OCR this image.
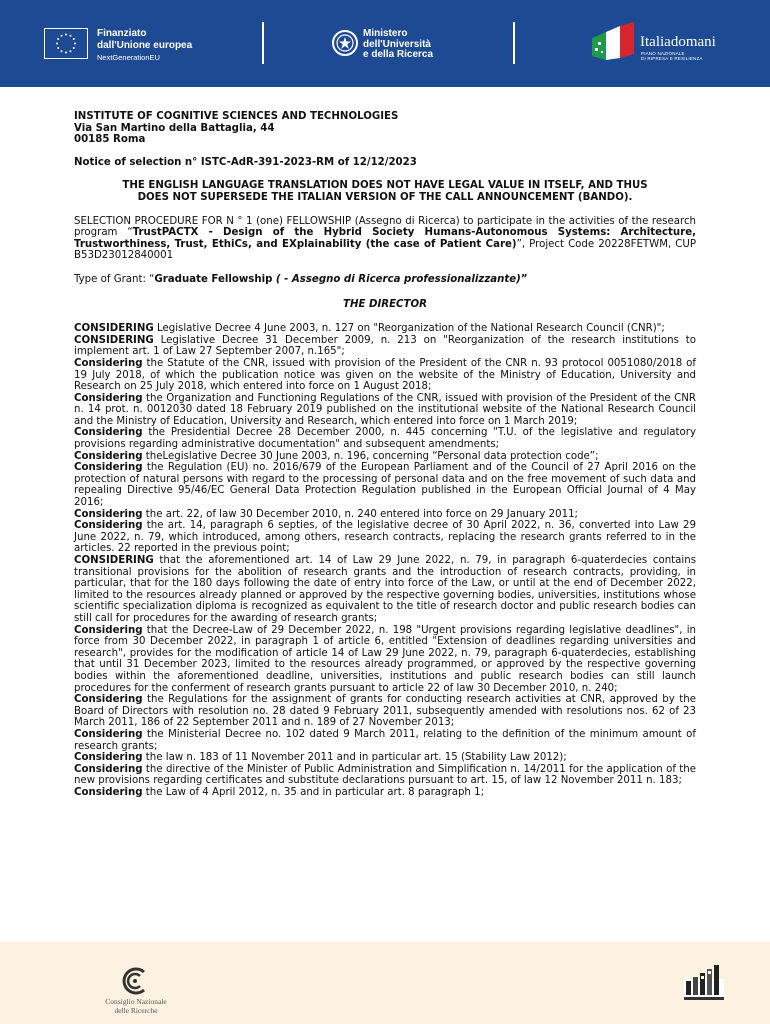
Finanziato
dall'Unione europea
NextGenerationEU
Ministero
dell'Università
e della Ricerca
Italiadomani
PIANO NAZIONALE
DI RIPRESA E RESILIENZA

INSTITUTE OF COGNITIVE SCIENCES AND TECHNOLOGIES

Via San Martino della Battaglia, 44

00185 Roma

Notice of selection n° ISTC-AdR-391-2023-RM of 12/12/2023

THE ENGLISH LANGUAGE TRANSLATION DOES NOT HAVE LEGAL VALUE IN ITSELF, AND THUS
DOES NOT SUPERSEDE THE ITALIAN VERSION OF THE CALL ANNOUNCEMENT (BANDO).

SELECTION PROCEDURE FOR N ° 1 (one) FELLOWSHIP (Assegno di Ricerca) to participate in the activities of the research program “TrustPACTX - Design of the Hybrid Society Humans-Autonomous Systems: Architecture, Trustworthiness, Trust, EthiCs, and EXplainability (the case of Patient Care)”, Project Code 20228FETWM, CUP B53D23012840001

Type of Grant: “Graduate Fellowship ( - Assegno di Ricerca professionalizzante)”

THE DIRECTOR

CONSIDERING Legislative Decree 4 June 2003, n. 127 on "Reorganization of the National Research Council (CNR)";

CONSIDERING Legislative Decree 31 December 2009, n. 213 on "Reorganization of the research institutions to implement art. 1 of Law 27 September 2007, n.165";

Considering the Statute of the CNR, issued with provision of the President of the CNR n. 93 protocol 0051080/2018 of 19 July 2018, of which the publication notice was given on the website of the Ministry of Education, University and Research on 25 July 2018, which entered into force on 1 August 2018;

Considering the Organization and Functioning Regulations of the CNR, issued with provision of the President of the CNR n. 14 prot. n. 0012030 dated 18 February 2019 published on the institutional website of the National Research Council and the Ministry of Education, University and Research, which entered into force on 1 March 2019;

Considering the Presidential Decree 28 December 2000, n. 445 concerning "T.U. of the legislative and regulatory provisions regarding administrative documentation" and subsequent amendments;

Considering theLegislative Decree 30 June 2003, n. 196, concerning “Personal data protection code”;

Considering the Regulation (EU) no. 2016/679 of the European Parliament and of the Council of 27 April 2016 on the protection of natural persons with regard to the processing of personal data and on the free movement of such data and repealing Directive 95/46/EC General Data Protection Regulation published in the European Official Journal of 4 May 2016;

Considering the art. 22, of law 30 December 2010, n. 240 entered into force on 29 January 2011;

Considering the art. 14, paragraph 6 septies, of the legislative decree of 30 April 2022, n. 36, converted into Law 29 June 2022, n. 79, which introduced, among others, research contracts, replacing the research grants referred to in the articles. 22 reported in the previous point;

CONSIDERING that the aforementioned art. 14 of Law 29 June 2022, n. 79, in paragraph 6-quaterdecies contains transitional provisions for the abolition of research grants and the introduction of research contracts, providing, in particular, that for the 180 days following the date of entry into force of the Law, or until at the end of December 2022, limited to the resources already planned or approved by the respective governing bodies, universities, institutions whose scientific specialization diploma is recognized as equivalent to the title of research doctor and public research bodies can still call for procedures for the awarding of research grants;

Considering that the Decree-Law of 29 December 2022, n. 198 "Urgent provisions regarding legislative deadlines", in force from 30 December 2022, in paragraph 1 of article 6, entitled "Extension of deadlines regarding universities and research", provides for the modification of article 14 of Law 29 June 2022, n. 79, paragraph 6-quaterdecies, establishing that until 31 December 2023, limited to the resources already programmed, or approved by the respective governing bodies within the aforementioned deadline, universities, institutions and public research bodies can still launch procedures for the conferment of research grants pursuant to article 22 of law 30 December 2010, n. 240;

Considering the Regulations for the assignment of grants for conducting research activities at CNR, approved by the Board of Directors with resolution no. 28 dated 9 February 2011, subsequently amended with resolutions nos. 62 of 23 March 2011, 186 of 22 September 2011 and n. 189 of 27 November 2013;

Considering the Ministerial Decree no. 102 dated 9 March 2011, relating to the definition of the minimum amount of research grants;

Considering the law n. 183 of 11 November 2011 and in particular art. 15 (Stability Law 2012);

Considering the directive of the Minister of Public Administration and Simplification n. 14/2011 for the application of the new provisions regarding certificates and substitute declarations pursuant to art. 15, of law 12 November 2011 n. 183;

Considering the Law of 4 April 2012, n. 35 and in particular art. 8 paragraph 1;

Consiglio Nazionale
delle Ricerche
